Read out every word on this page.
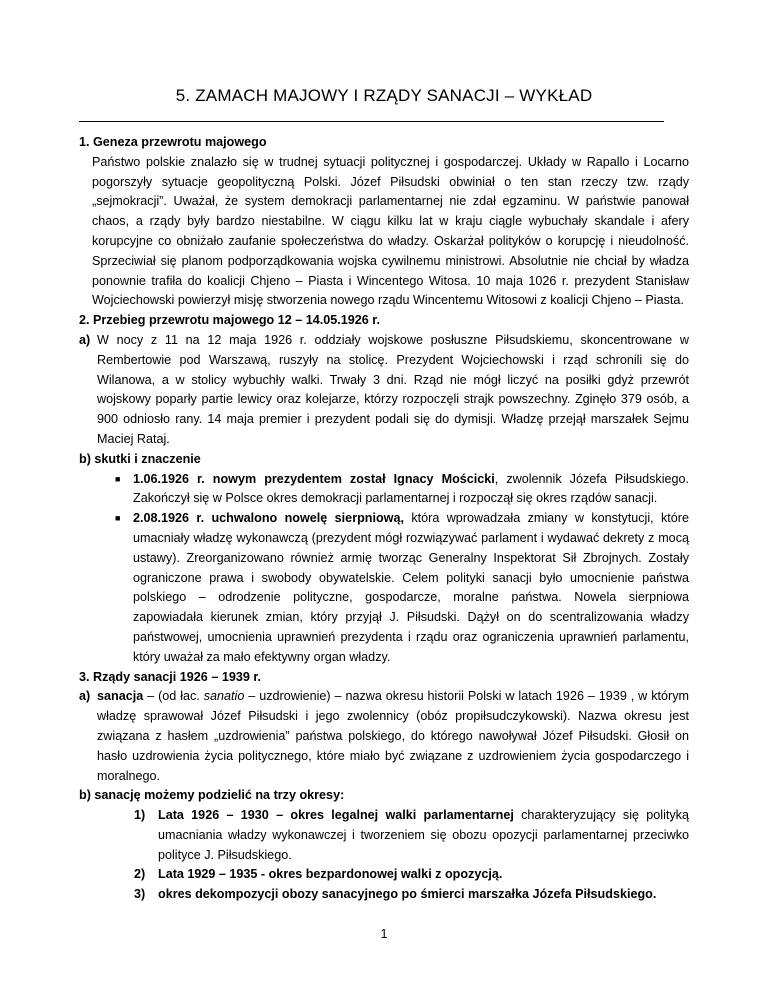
5. ZAMACH MAJOWY I RZĄDY SANACJI – WYKŁAD

1. Geneza przewrotu majowego

Państwo polskie znalazło się w trudnej sytuacji politycznej i gospodarczej. Układy w Rapallo i Locarno pogorszyły sytuacje geopolityczną Polski. Józef Piłsudski obwiniał o ten stan rzeczy tzw. rządy „sejmokracji”. Uważał, że system demokracji parlamentarnej nie zdał egzaminu. W państwie panował chaos, a rządy były bardzo niestabilne. W ciągu kilku lat w kraju ciągle wybuchały skandale i afery korupcyjne co obniżało zaufanie społeczeństwa do władzy. Oskarżał polityków o korupcję i nieudolność. Sprzeciwiał się planom podporządkowania wojska cywilnemu ministrowi. Absolutnie nie chciał by władza ponownie trafiła do koalicji Chjeno – Piasta i Wincentego Witosa. 10 maja 1026 r. prezydent Stanisław Wojciechowski powierzył misję stworzenia nowego rządu Wincentemu Witosowi z koalicji Chjeno – Piasta.

2. Przebieg przewrotu majowego 12 – 14.05.1926 r.

a) W nocy z 11 na 12 maja 1926 r. oddziały wojskowe posłuszne Piłsudskiemu, skoncentrowane w Rembertowie pod Warszawą, ruszyły na stolicę. Prezydent Wojciechowski i rząd schronili się do Wilanowa, a w stolicy wybuchły walki. Trwały 3 dni. Rząd nie mógł liczyć na posiłki gdyż przewrót wojskowy poparły partie lewicy oraz kolejarze, którzy rozpoczęli strajk powszechny. Zginęło 379 osób, a 900 odniosło rany. 14 maja premier i prezydent podali się do dymisji. Władzę przejął marszałek Sejmu Maciej Rataj.

b) skutki i znaczenie

■ 1.06.1926 r. nowym prezydentem został Ignacy Mościcki, zwolennik Józefa Piłsudskiego. Zakończył się w Polsce okres demokracji parlamentarnej i rozpoczął się okres rządów sanacji.
■ 2.08.1926 r. uchwalono nowelę sierpniową, która wprowadzała zmiany w konstytucji, które umacniały władzę wykonawczą (prezydent mógł rozwiązywać parlament i wydawać dekrety z mocą ustawy). Zreorganizowano również armię tworząc Generalny Inspektorat Sił Zbrojnych. Zostały ograniczone prawa i swobody obywatelskie. Celem polityki sanacji było umocnienie państwa polskiego – odrodzenie polityczne, gospodarcze, moralne państwa. Nowela sierpniowa zapowiadała kierunek zmian, który przyjął J. Piłsudski. Dążył on do scentralizowania władzy państwowej, umocnienia uprawnień prezydenta i rządu oraz ograniczenia uprawnień parlamentu, który uważał za mało efektywny organ władzy.

3. Rządy sanacji 1926 – 1939 r.

a) sanacja – (od łac. sanatio – uzdrowienie) – nazwa okresu historii Polski w latach 1926 – 1939 , w którym władzę sprawował Józef Piłsudski i jego zwolennicy (obóz propiłsudczykowski). Nazwa okresu jest związana z hasłem „uzdrowienia” państwa polskiego, do którego nawoływał Józef Piłsudski. Głosił on hasło uzdrowienia życia politycznego, które miało być związane z uzdrowieniem życia gospodarczego i moralnego.

b) sanację możemy podzielić na trzy okresy:

1)	Lata 1926 – 1930 – okres legalnej walki parlamentarnej charakteryzujący się polityką umacniania władzy wykonawczej i tworzeniem się obozu opozycji parlamentarnej przeciwko polityce J. Piłsudskiego.
2)	Lata 1929 – 1935 - okres bezpardonowej walki z opozycją.
3)	okres dekompozycji obozy sanacyjnego po śmierci marszałka Józefa Piłsudskiego.
1
